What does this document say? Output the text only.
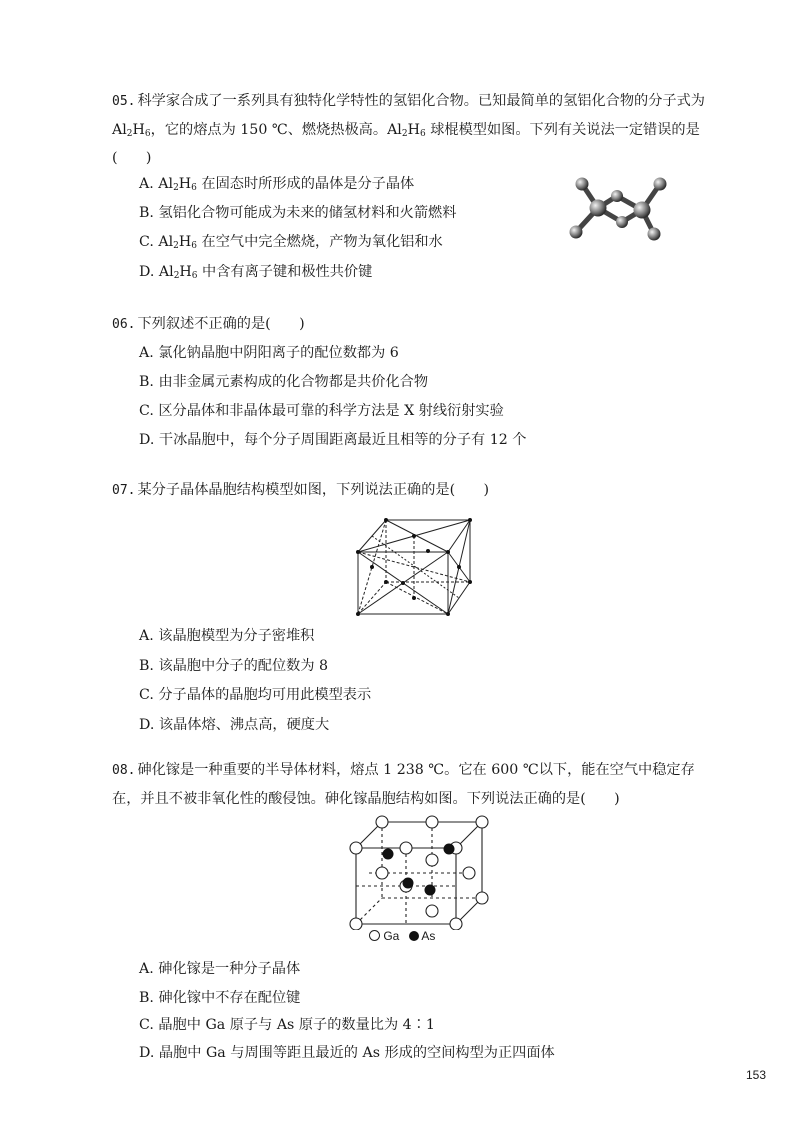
05. 科学家合成了一系列具有独特化学特性的氢铝化合物。已知最简单的氢铝化合物的分子式为 $Al_2H_6$，它的熔点为 150 ℃、燃烧热极高。$Al_2H_6$ 球棍模型如图。下列有关说法一定错误的是(　　)

A. $Al_2H_6$ 在固态时所形成的晶体是分子晶体

B. 氢铝化合物可能成为未来的储氢材料和火箭燃料

C. $Al_2H_6$ 在空气中完全燃烧，产物为氧化铝和水

D. $Al_2H_6$ 中含有离子键和极性共价键

06. 下列叙述不正确的是(　　)

A. 氯化钠晶胞中阴阳离子的配位数都为 6

B. 由非金属元素构成的化合物都是共价化合物

C. 区分晶体和非晶体最可靠的科学方法是 X 射线衍射实验

D. 干冰晶胞中，每个分子周围距离最近且相等的分子有 12 个

07. 某分子晶体晶胞结构模型如图，下列说法正确的是(　　)

A. 该晶胞模型为分子密堆积

B. 该晶胞中分子的配位数为 8

C. 分子晶体的晶胞均可用此模型表示

D. 该晶体熔、沸点高，硬度大

08. 砷化镓是一种重要的半导体材料，熔点 1 238 ℃。它在 600 ℃以下，能在空气中稳定存在，并且不被非氧化性的酸侵蚀。砷化镓晶胞结构如图。下列说法正确的是(　　)

Ga As

A. 砷化镓是一种分子晶体

B. 砷化镓中不存在配位键

C. 晶胞中 Ga 原子与 As 原子的数量比为 4∶1

D. 晶胞中 Ga 与周围等距且最近的 As 形成的空间构型为正四面体

153
